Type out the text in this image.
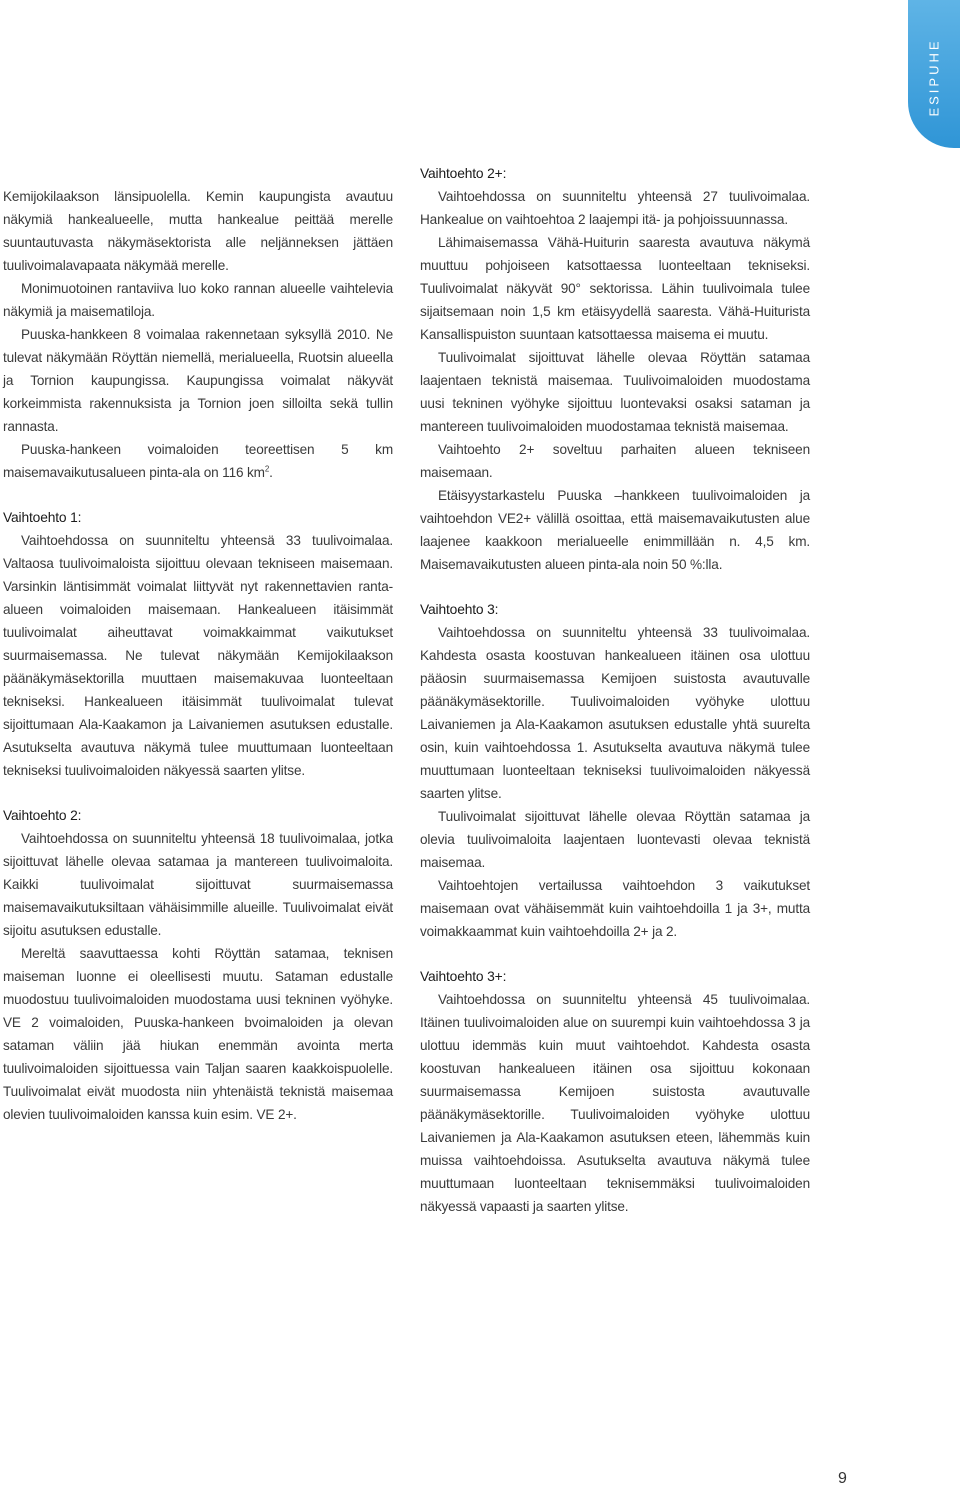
ESIPUHE

Kemijokilaakson länsipuolella. Kemin kaupungista avautuu näkymiä hankealueelle, mutta hankealue peittää merelle suuntautuvasta näkymäsektorista alle neljänneksen jättäen tuulivoimalavapaata näkymää merelle.

Monimuotoinen rantaviiva luo koko rannan alueelle vaihtelevia näkymiä ja maisematiloja.

Puuska-hankkeen 8 voimalaa rakennetaan syksyllä 2010. Ne tulevat näkymään Röyttän niemellä, merialueella, Ruotsin alueella ja Tornion kaupungissa. Kaupungissa voimalat näkyvät korkeimmista rakennuksista ja Tornion joen silloilta sekä tullin rannasta.

Puuska-hankeen voimaloiden teoreettisen 5 km maisemavaikutusalueen pinta-ala on 116 $km^2$.

Vaihtoehto 1:

Vaihtoehdossa on suunniteltu yhteensä 33 tuulivoimalaa. Valtaosa tuulivoimaloista sijoittuu olevaan tekniseen maisemaan. Varsinkin läntisimmät voimalat liittyvät nyt rakennettavien ranta-alueen voimaloiden maisemaan. Hankealueen itäisimmät tuulivoimalat aiheuttavat voimakkaimmat vaikutukset suurmaisemassa. Ne tulevat näkymään Kemijokilaakson päänäkymäsektorilla muuttaen maisemakuvaa luonteeltaan tekniseksi. Hankealueen itäisimmät tuulivoimalat tulevat sijoittumaan Ala-Kaakamon ja Laivaniemen asutuksen edustalle. Asutukselta avautuva näkymä tulee muuttumaan luonteeltaan tekniseksi tuulivoimaloiden näkyessä saarten ylitse.

Vaihtoehto 2:

Vaihtoehdossa on suunniteltu yhteensä 18 tuulivoimalaa, jotka sijoittuvat lähelle olevaa satamaa ja mantereen tuulivoimaloita. Kaikki tuulivoimalat sijoittuvat suurmaisemassa maisemavaikutuksiltaan vähäisimmille alueille. Tuulivoimalat eivät sijoitu asutuksen edustalle.

Mereltä saavuttaessa kohti Röyttän satamaa, teknisen maiseman luonne ei oleellisesti muutu. Sataman edustalle muodostuu tuulivoimaloiden muodostama uusi tekninen vyöhyke. VE 2 voimaloiden, Puuska-hankeen bvoimaloiden ja olevan sataman väliin jää hiukan enemmän avointa merta tuulivoimaloiden sijoittuessa vain Taljan saaren kaakkoispuolelle. Tuulivoimalat eivät muodosta niin yhtenäistä teknistä maisemaa olevien tuulivoimaloiden kanssa kuin esim. VE 2+.

Vaihtoehto 2+:

Vaihtoehdossa on suunniteltu yhteensä 27 tuulivoimalaa. Hankealue on vaihtoehtoa 2 laajempi itä- ja pohjoissuunnassa.

Lähimaisemassa Vähä-Huiturin saaresta avautuva näkymä muuttuu pohjoiseen katsottaessa luonteeltaan tekniseksi. Tuulivoimalat näkyvät 90° sektorissa. Lähin tuulivoimala tulee sijaitsemaan noin 1,5 km etäisyydellä saaresta. Vähä-Huiturista Kansallispuiston suuntaan katsottaessa maisema ei muutu.

Tuulivoimalat sijoittuvat lähelle olevaa Röyttän satamaa laajentaen teknistä maisemaa. Tuulivoimaloiden muodostama uusi tekninen vyöhyke sijoittuu luontevaksi osaksi sataman ja mantereen tuulivoimaloiden muodostamaa teknistä maisemaa.

Vaihtoehto 2+ soveltuu parhaiten alueen tekniseen maisemaan.

Etäisyystarkastelu Puuska –hankkeen tuulivoimaloiden ja vaihtoehdon VE2+ välillä osoittaa, että maisemavaikutusten alue laajenee kaakkoon merialueelle enimmillään n. 4,5 km. Maisemavaikutusten alueen pinta-ala noin 50 %:lla.

Vaihtoehto 3:

Vaihtoehdossa on suunniteltu yhteensä 33 tuulivoimalaa. Kahdesta osasta koostuvan hankealueen itäinen osa ulottuu pääosin suurmaisemassa Kemijoen suistosta avautuvalle päänäkymäsektorille. Tuulivoimaloiden vyöhyke ulottuu Laivaniemen ja Ala-Kaakamon asutuksen edustalle yhtä suurelta osin, kuin vaihtoehdossa 1. Asutukselta avautuva näkymä tulee muuttumaan luonteeltaan tekniseksi tuulivoimaloiden näkyessä saarten ylitse.

Tuulivoimalat sijoittuvat lähelle olevaa Röyttän satamaa ja olevia tuulivoimaloita laajentaen luontevasti olevaa teknistä maisemaa.

Vaihtoehtojen vertailussa vaihtoehdon 3 vaikutukset maisemaan ovat vähäisemmät kuin vaihtoehdoilla 1 ja 3+, mutta voimakkaammat kuin vaihtoehdoilla 2+ ja 2.

Vaihtoehto 3+:

Vaihtoehdossa on suunniteltu yhteensä 45 tuulivoimalaa. Itäinen tuulivoimaloiden alue on suurempi kuin vaihtoehdossa 3 ja ulottuu idemmäs kuin muut vaihtoehdot. Kahdesta osasta koostuvan hankealueen itäinen osa sijoittuu kokonaan suurmaisemassa Kemijoen suistosta avautuvalle päänäkymäsektorille. Tuulivoimaloiden vyöhyke ulottuu Laivaniemen ja Ala-Kaakamon asutuksen eteen, lähemmäs kuin muissa vaihtoehdoissa. Asutukselta avautuva näkymä tulee muuttumaan luonteeltaan teknisemmäksi tuulivoimaloiden näkyessä vapaasti ja saarten ylitse.

9
